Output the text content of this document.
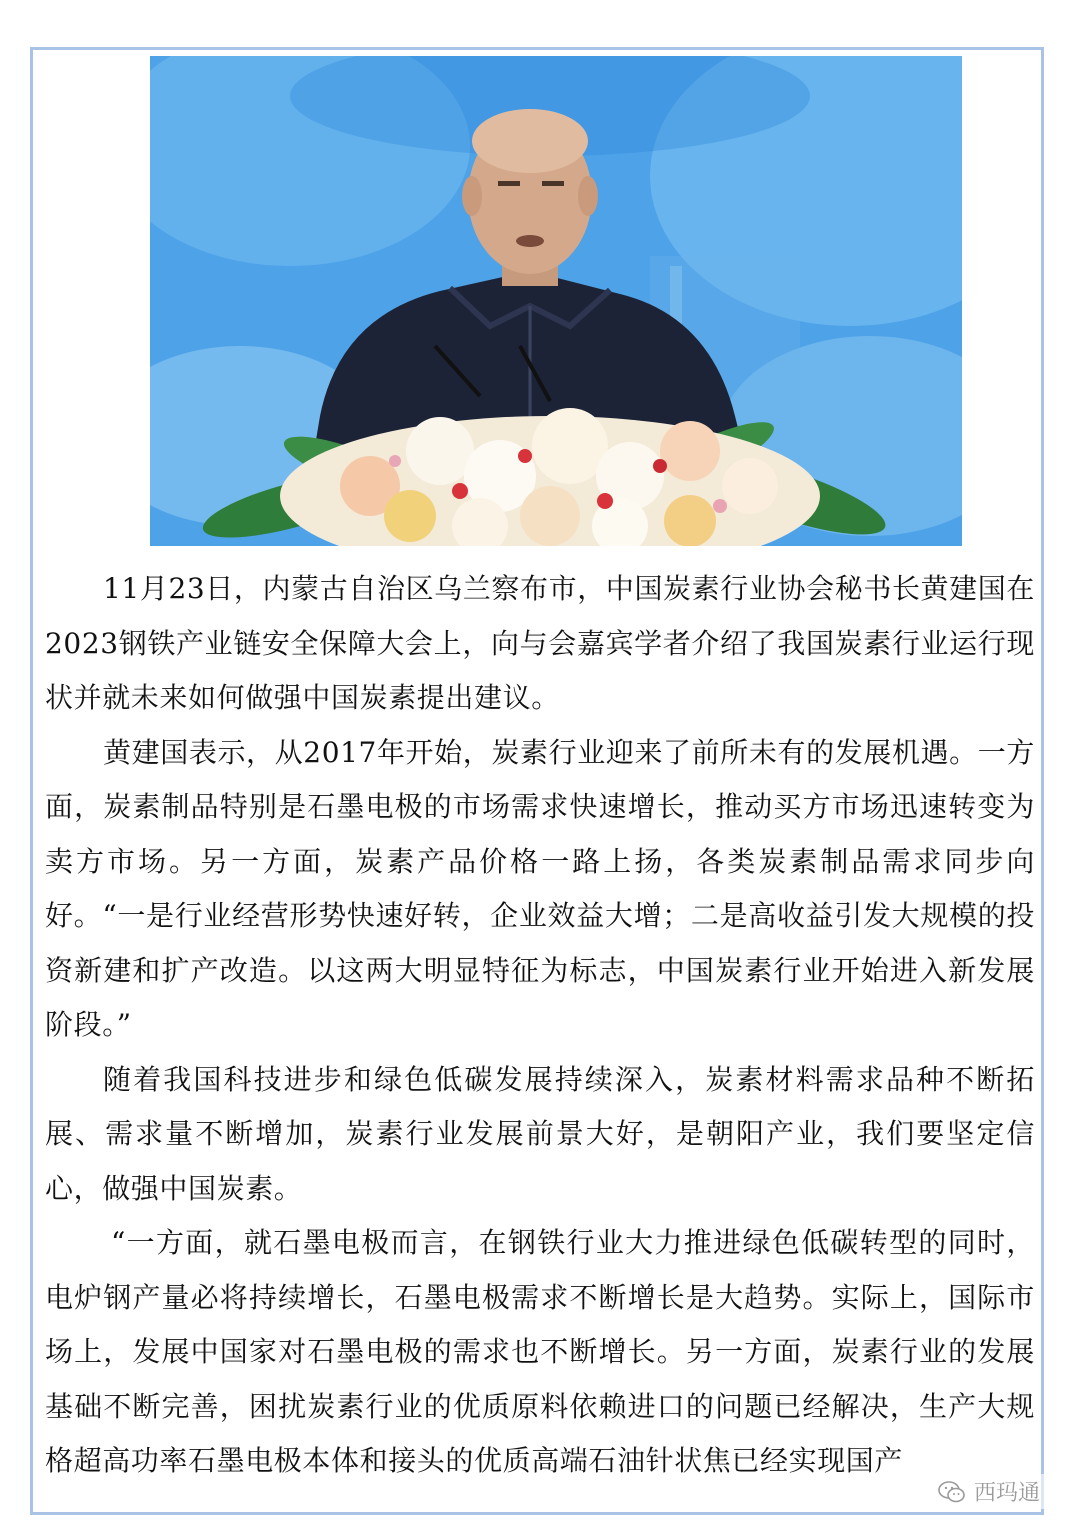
11月23日，内蒙古自治区乌兰察布市，中国炭素行业协会秘书长黄建国在2023钢铁产业链安全保障大会上，向与会嘉宾学者介绍了我国炭素行业运行现状并就未来如何做强中国炭素提出建议。

黄建国表示，从2017年开始，炭素行业迎来了前所未有的发展机遇。一方面，炭素制品特别是石墨电极的市场需求快速增长，推动买方市场迅速转变为卖方市场。另一方面，炭素产品价格一路上扬，各类炭素制品需求同步向好。“一是行业经营形势快速好转，企业效益大增；二是高收益引发大规模的投资新建和扩产改造。以这两大明显特征为标志，中国炭素行业开始进入新发展阶段。”

随着我国科技进步和绿色低碳发展持续深入，炭素材料需求品种不断拓展、需求量不断增加，炭素行业发展前景大好，是朝阳产业，我们要坚定信心，做强中国炭素。

“一方面，就石墨电极而言，在钢铁行业大力推进绿色低碳转型的同时，电炉钢产量必将持续增长，石墨电极需求不断增长是大趋势。实际上，国际市场上，发展中国家对石墨电极的需求也不断增长。另一方面，炭素行业的发展基础不断完善，困扰炭素行业的优质原料依赖进口的问题已经解决，生产大规格超高功率石墨电极本体和接头的优质高端石油针状焦已经实现国产

西玛通
